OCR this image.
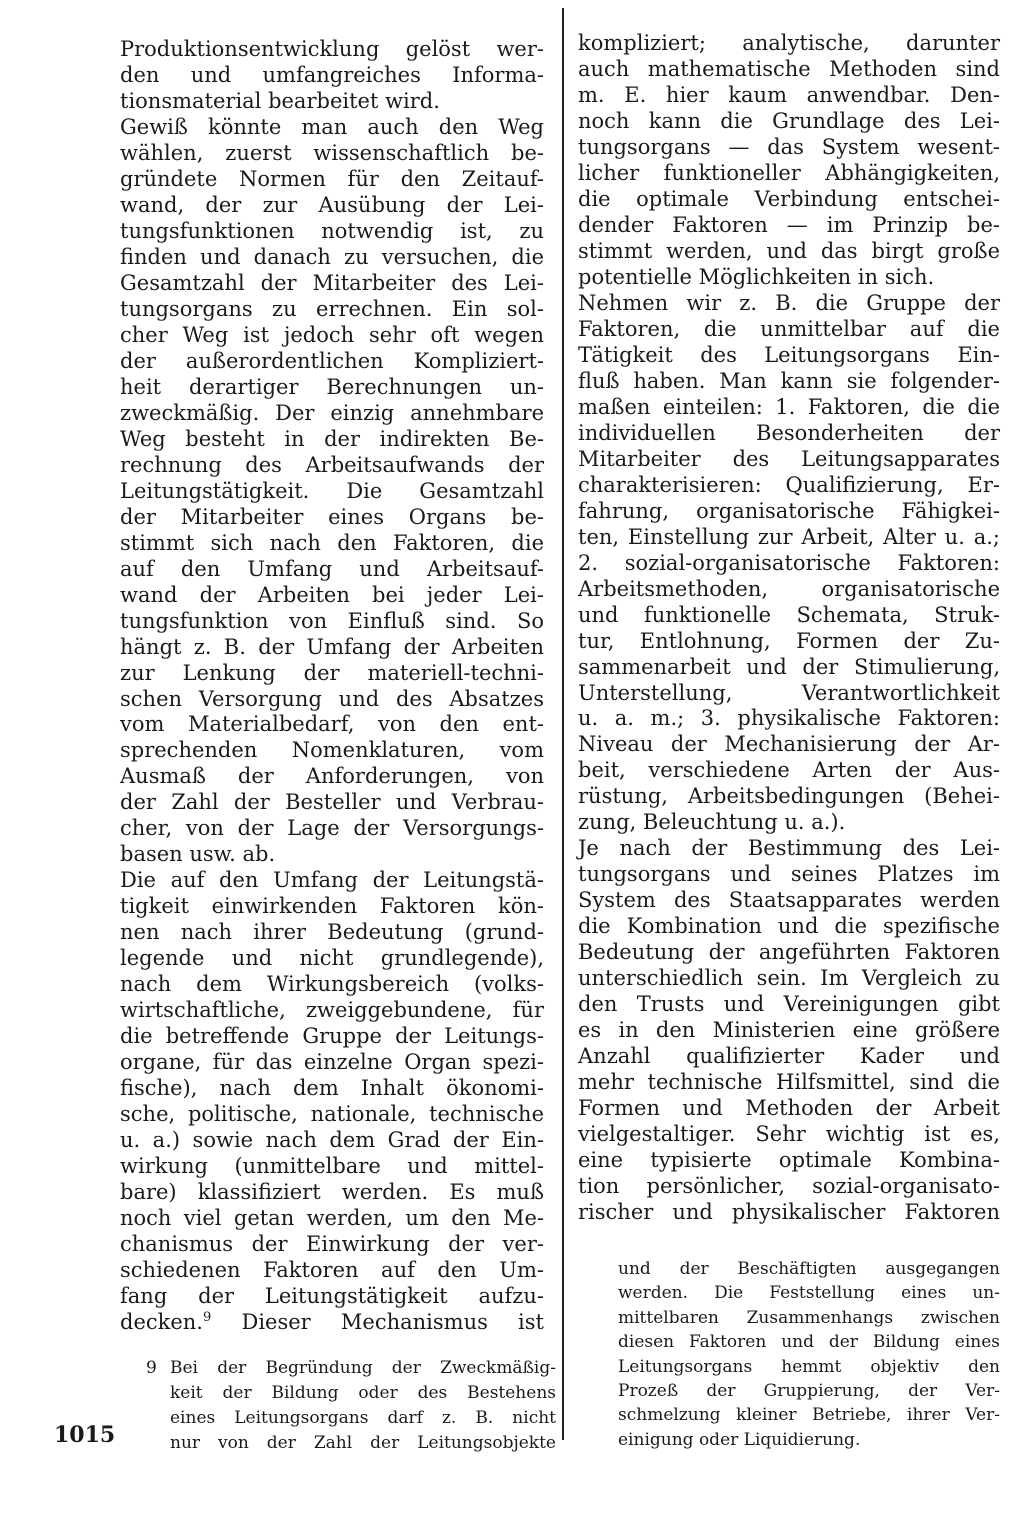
Produktionsentwicklung gelöst wer-
den und umfangreiches Informa-
tionsmaterial bearbeitet wird.
Gewiß könnte man auch den Weg
wählen, zuerst wissenschaftlich be-
gründete Normen für den Zeitauf-
wand, der zur Ausübung der Lei-
tungsfunktionen notwendig ist, zu
finden und danach zu versuchen, die
Gesamtzahl der Mitarbeiter des Lei-
tungsorgans zu errechnen. Ein sol-
cher Weg ist jedoch sehr oft wegen
der außerordentlichen Kompliziert-
heit derartiger Berechnungen un-
zweckmäßig. Der einzig annehmbare
Weg besteht in der indirekten Be-
rechnung des Arbeitsaufwands der
Leitungstätigkeit. Die Gesamtzahl
der Mitarbeiter eines Organs be-
stimmt sich nach den Faktoren, die
auf den Umfang und Arbeitsauf-
wand der Arbeiten bei jeder Lei-
tungsfunktion von Einfluß sind. So
hängt z. B. der Umfang der Arbeiten
zur Lenkung der materiell-techni-
schen Versorgung und des Absatzes
vom Materialbedarf, von den ent-
sprechenden Nomenklaturen, vom
Ausmaß der Anforderungen, von
der Zahl der Besteller und Verbrau-
cher, von der Lage der Versorgungs-
basen usw. ab.
Die auf den Umfang der Leitungstä-
tigkeit einwirkenden Faktoren kön-
nen nach ihrer Bedeutung (grund-
legende und nicht grundlegende),
nach dem Wirkungsbereich (volks-
wirtschaftliche, zweiggebundene, für
die betreffende Gruppe der Leitungs-
organe, für das einzelne Organ spezi-
fische), nach dem Inhalt ökonomi-
sche, politische, nationale, technische
u. a.) sowie nach dem Grad der Ein-
wirkung (unmittelbare und mittel-
bare) klassifiziert werden. Es muß
noch viel getan werden, um den Me-
chanismus der Einwirkung der ver-
schiedenen Faktoren auf den Um-
fang der Leitungstätigkeit aufzu-
decken.$^9$ Dieser Mechanismus ist
kompliziert; analytische, darunter
auch mathematische Methoden sind
m. E. hier kaum anwendbar. Den-
noch kann die Grundlage des Lei-
tungsorgans — das System wesent-
licher funktioneller Abhängigkeiten,
die optimale Verbindung entschei-
dender Faktoren — im Prinzip be-
stimmt werden, und das birgt große
potentielle Möglichkeiten in sich.
Nehmen wir z. B. die Gruppe der
Faktoren, die unmittelbar auf die
Tätigkeit des Leitungsorgans Ein-
fluß haben. Man kann sie folgender-
maßen einteilen: 1. Faktoren, die die
individuellen Besonderheiten der
Mitarbeiter des Leitungsapparates
charakterisieren: Qualifizierung, Er-
fahrung, organisatorische Fähigkei-
ten, Einstellung zur Arbeit, Alter u. a.;
2. sozial-organisatorische Faktoren:
Arbeitsmethoden, organisatorische
und funktionelle Schemata, Struk-
tur, Entlohnung, Formen der Zu-
sammenarbeit und der Stimulierung,
Unterstellung, Verantwortlichkeit
u. a. m.; 3. physikalische Faktoren:
Niveau der Mechanisierung der Ar-
beit, verschiedene Arten der Aus-
rüstung, Arbeitsbedingungen (Behei-
zung, Beleuchtung u. a.).
Je nach der Bestimmung des Lei-
tungsorgans und seines Platzes im
System des Staatsapparates werden
die Kombination und die spezifische
Bedeutung der angeführten Faktoren
unterschiedlich sein. Im Vergleich zu
den Trusts und Vereinigungen gibt
es in den Ministerien eine größere
Anzahl qualifizierter Kader und
mehr technische Hilfsmittel, sind die
Formen und Methoden der Arbeit
vielgestaltiger. Sehr wichtig ist es,
eine typisierte optimale Kombina-
tion persönlicher, sozial-organisato-
rischer und physikalischer Faktoren
9 Bei der Begründung der Zweckmäßig-
keit der Bildung oder des Bestehens
eines Leitungsorgans darf z. B. nicht
nur von der Zahl der Leitungsobjekte
und der Beschäftigten ausgegangen
werden. Die Feststellung eines un-
mittelbaren Zusammenhangs zwischen
diesen Faktoren und der Bildung eines
Leitungsorgans hemmt objektiv den
Prozeß der Gruppierung, der Ver-
schmelzung kleiner Betriebe, ihrer Ver-
einigung oder Liquidierung.
1015
